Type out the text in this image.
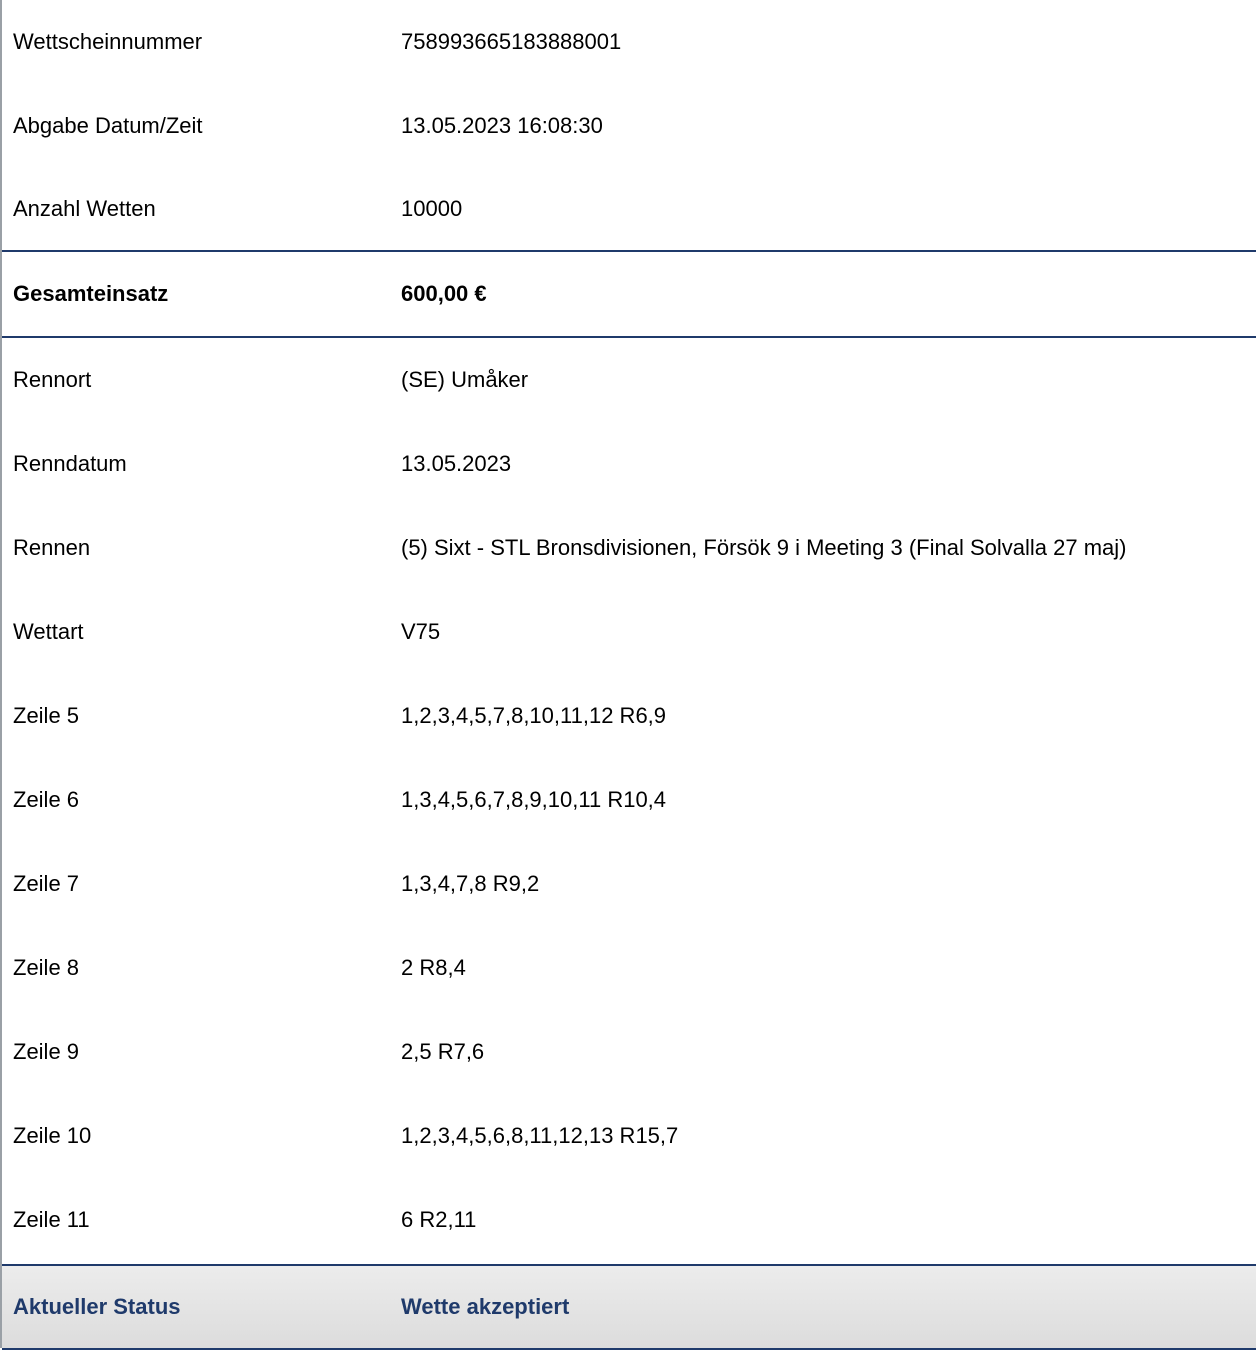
Wettscheinnummer	758993665183888001
Abgabe Datum/Zeit	13.05.2023 16:08:30
Anzahl Wetten	10000
Gesamteinsatz	600,00 €
Rennort	(SE) Umåker
Renndatum	13.05.2023
Rennen	(5) Sixt - STL Bronsdivisionen, Försök 9 i Meeting 3 (Final Solvalla 27 maj)
Wettart	V75
Zeile 5	1,2,3,4,5,7,8,10,11,12 R6,9
Zeile 6	1,3,4,5,6,7,8,9,10,11 R10,4
Zeile 7	1,3,4,7,8 R9,2
Zeile 8	2 R8,4
Zeile 9	2,5 R7,6
Zeile 10	1,2,3,4,5,6,8,11,12,13 R15,7
Zeile 11	6 R2,11
Aktueller Status	Wette akzeptiert
